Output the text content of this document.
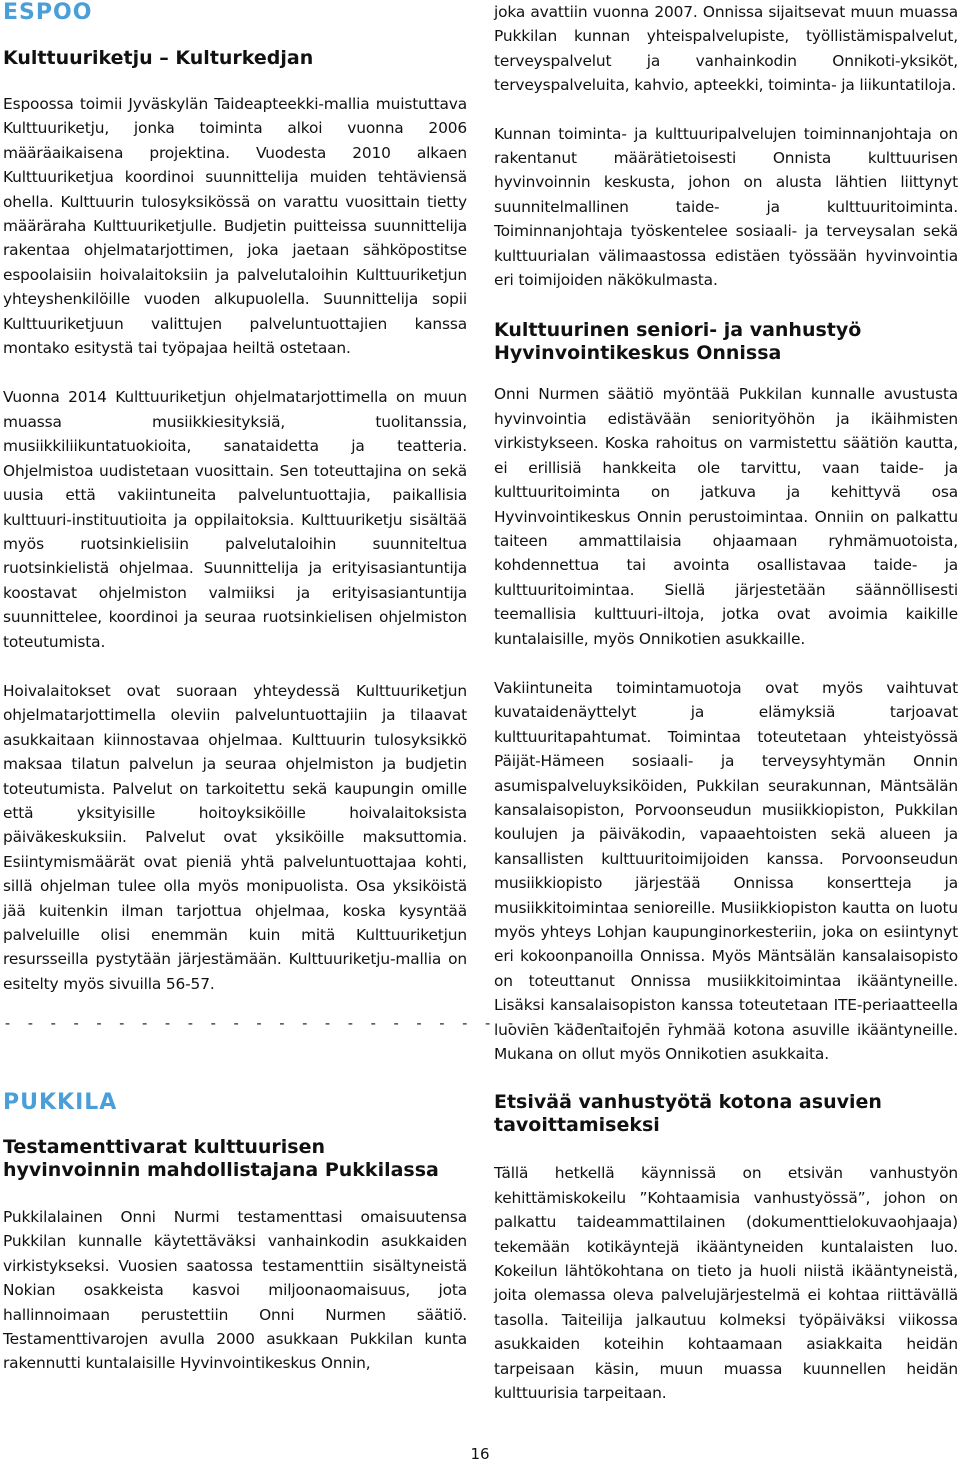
ESPOO
Kulttuuriketju – Kulturkedjan

Espoossa toimii Jyväskylän Taideapteekki-mallia muistuttava Kulttuuriketju, jonka toiminta alkoi vuonna 2006 määräaikaisena projektina. Vuodesta 2010 alkaen Kulttuuriketjua koordinoi suunnittelija muiden tehtäviensä ohella. Kulttuurin tulosyksikössä on varattu vuosittain tietty määräraha Kulttuuriketjulle. Budjetin puitteissa suunnittelija rakentaa ohjelmatarjottimen, joka jaetaan sähköpostitse espoolaisiin hoivalaitoksiin ja palvelutaloihin Kulttuuriketjun yhteyshenkilöille vuoden alkupuolella. Suunnittelija sopii Kulttuuriketjuun valittujen palveluntuottajien kanssa montako esitystä tai työpajaa heiltä ostetaan.

Vuonna 2014 Kulttuuriketjun ohjelmatarjottimella on muun muassa musiikkiesityksiä, tuolitanssia, musiikkiliikuntatuokioita, sanataidetta ja teatteria. Ohjelmistoa uudistetaan vuosittain. Sen toteuttajina on sekä uusia että vakiintuneita palveluntuottajia, paikallisia kulttuuri-instituutioita ja oppilaitoksia. Kulttuuriketju sisältää myös ruotsinkielisiin palvelutaloihin suunniteltua ruotsinkielistä ohjelmaa. Suunnittelija ja erityisasiantuntija koostavat ohjelmiston valmiiksi ja erityisasiantuntija suunnittelee, koordinoi ja seuraa ruotsinkielisen ohjelmiston toteutumista.

Hoivalaitokset ovat suoraan yhteydessä Kulttuuriketjun ohjelmatarjottimella oleviin palveluntuottajiin ja tilaavat asukkaitaan kiinnostavaa ohjelmaa. Kulttuurin tulosyksikkö maksaa tilatun palvelun ja seuraa ohjelmiston ja budjetin toteutumista. Palvelut on tarkoitettu sekä kaupungin omille että yksityisille hoitoyksiköille hoivalaitoksista päiväkeskuksiin. Palvelut ovat yksiköille maksuttomia. Esiintymismäärät ovat pieniä yhtä palveluntuottajaa kohti, sillä ohjelman tulee olla myös monipuolista. Osa yksiköistä jää kuitenkin ilman tarjottua ohjelmaa, koska kysyntää palveluille olisi enemmän kuin mitä Kulttuuriketjun resursseilla pystytään järjestämään. Kulttuuriketju-mallia on esitelty myös sivuilla 56-57.

- - - - - - - - - - - - - - - - - - - - - - - - - - - - - -
PUKKILA
Testamenttivarat kulttuurisen hyvinvoinnin mahdollistajana Pukkilassa

Pukkilalainen Onni Nurmi testamenttasi omaisuutensa Pukkilan kunnalle käytettäväksi vanhainkodin asukkaiden virkistykseksi. Vuosien saatossa testamenttiin sisältyneistä Nokian osakkeista kasvoi miljoonaomaisuus, jota hallinnoimaan perustettiin Onni Nurmen säätiö. Testamenttivarojen avulla 2000 asukkaan Pukkilan kunta rakennutti kuntalaisille Hyvinvointikeskus Onnin,

joka avattiin vuonna 2007. Onnissa sijaitsevat muun muassa Pukkilan kunnan yhteispalvelupiste, työllistämispalvelut, terveyspalvelut ja vanhainkodin Onnikoti-yksiköt, terveyspalveluita, kahvio, apteekki, toiminta- ja liikuntatiloja.

Kunnan toiminta- ja kulttuuripalvelujen toiminnanjohtaja on rakentanut määrätietoisesti Onnista kulttuurisen hyvinvoinnin keskusta, johon on alusta lähtien liittynyt suunnitelmallinen taide- ja kulttuuritoiminta. Toiminnanjohtaja työskentelee sosiaali- ja terveysalan sekä kulttuurialan välimaastossa edistäen työssään hyvinvointia eri toimijoiden näkökulmasta.

Kulttuurinen seniori- ja vanhustyö Hyvinvointikeskus Onnissa

Onni Nurmen säätiö myöntää Pukkilan kunnalle avustusta hyvinvointia edistävään seniorityöhön ja ikäihmisten virkistykseen. Koska rahoitus on varmistettu säätiön kautta, ei erillisiä hankkeita ole tarvittu, vaan taide- ja kulttuuritoiminta on jatkuva ja kehittyvä osa Hyvinvointikeskus Onnin perustoimintaa. Onniin on palkattu taiteen ammattilaisia ohjaamaan ryhmämuotoista, kohdennettua tai avointa osallistavaa taide- ja kulttuuritoimintaa. Siellä järjestetään säännöllisesti teemallisia kulttuuri-iltoja, jotka ovat avoimia kaikille kuntalaisille, myös Onnikotien asukkaille.

Vakiintuneita toimintamuotoja ovat myös vaihtuvat kuvataidenäyttelyt ja elämyksiä tarjoavat kulttuuritapahtumat. Toimintaa toteutetaan yhteistyössä Päijät-Hämeen sosiaali- ja terveysyhtymän Onnin asumispalveluyksiköiden, Pukkilan seurakunnan, Mäntsälän kansalaisopiston, Porvoonseudun musiikkiopiston, Pukkilan koulujen ja päiväkodin, vapaaehtoisten sekä alueen ja kansallisten kulttuuritoimijoiden kanssa. Porvoonseudun musiikkiopisto järjestää Onnissa konsertteja ja musiikkitoimintaa senioreille. Musiikkiopiston kautta on luotu myös yhteys Lohjan kaupunginorkesteriin, joka on esiintynyt eri kokoonpanoilla Onnissa. Myös Mäntsälän kansalaisopisto on toteuttanut Onnissa musiikkitoimintaa ikääntyneille. Lisäksi kansalaisopiston kanssa toteutetaan ITE-periaatteella luovien kädentaitojen ryhmää kotona asuville ikääntyneille. Mukana on ollut myös Onnikotien asukkaita.

Etsivää vanhustyötä kotona asuvien tavoittamiseksi

Tällä hetkellä käynnissä on etsivän vanhustyön kehittämiskokeilu ”Kohtaamisia vanhustyössä”, johon on palkattu taideammattilainen (dokumenttielokuvaohjaaja) tekemään kotikäyntejä ikääntyneiden kuntalaisten luo. Kokeilun lähtökohtana on tieto ja huoli niistä ikääntyneistä, joita olemassa oleva palvelujärjestelmä ei kohtaa riittävällä tasolla. Taiteilija jalkautuu kolmeksi työpäiväksi viikossa asukkaiden koteihin kohtaamaan asiakkaita heidän tarpeisaan käsin, muun muassa kuunnellen heidän kulttuurisia tarpeitaan.

16
